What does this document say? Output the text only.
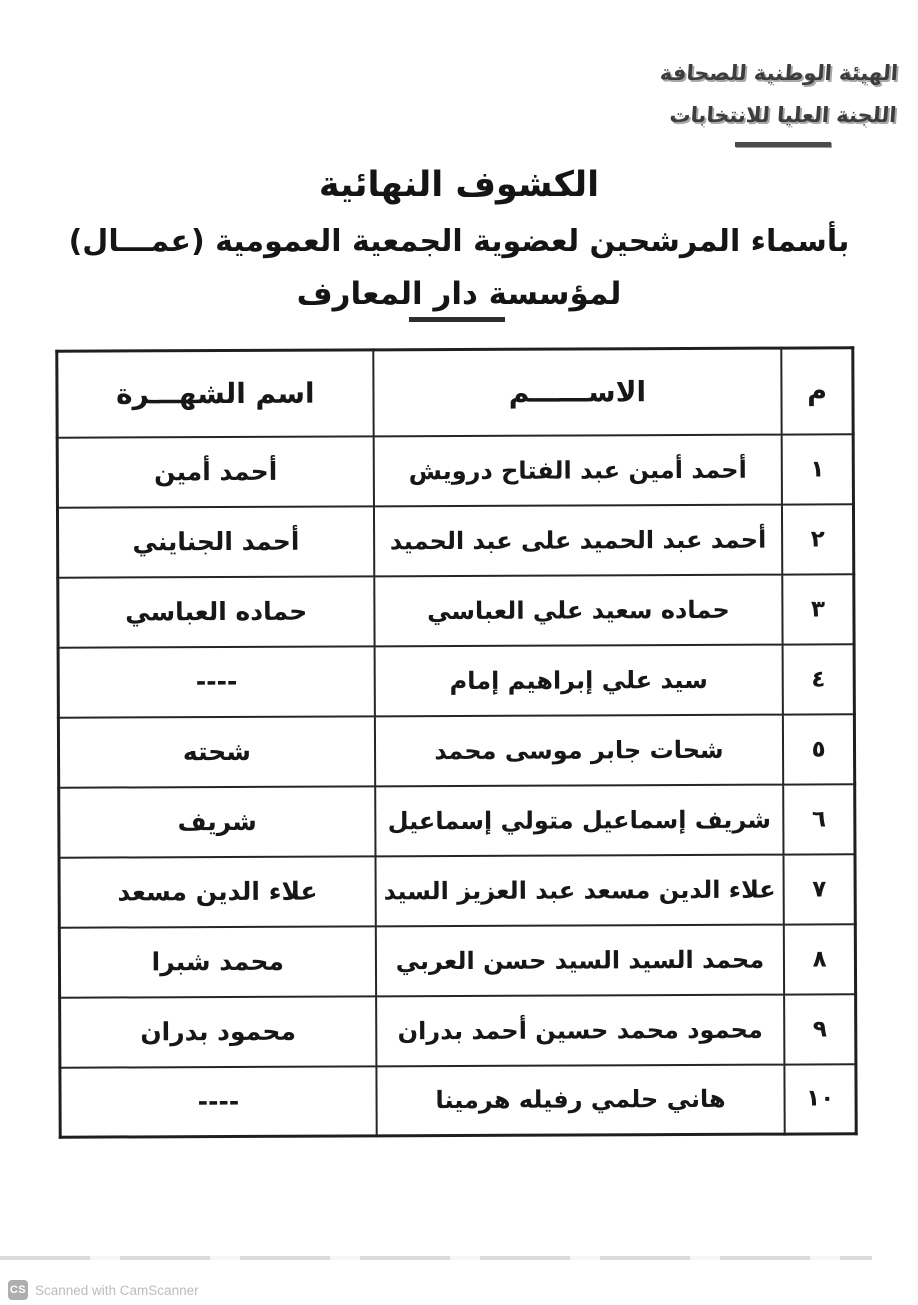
الهيئة الوطنية للصحافة
اللجنة العليا للانتخابات
الكشوف النهائية
بأسماء المرشحين لعضوية الجمعية العمومية (عمـــال)
لمؤسسة دار المعارف
م	الاســــــم	اسم الشهـــرة
١	أحمد أمين عبد الفتاح درويش	أحمد أمين
٢	أحمد عبد الحميد على عبد الحميد	أحمد الجنايني
٣	حماده سعيد علي العباسي	حماده العباسي
٤	سيد علي إبراهيم إمام	----
٥	شحات جابر موسى محمد	شحته
٦	شريف إسماعيل متولي إسماعيل	شريف
٧	علاء الدين مسعد عبد العزيز السيد	علاء الدين مسعد
٨	محمد السيد السيد حسن العربي	محمد شبرا
٩	محمود محمد حسين أحمد بدران	محمود بدران
١٠	هاني حلمي رفيله هرمينا	----
CS Scanned with CamScanner
